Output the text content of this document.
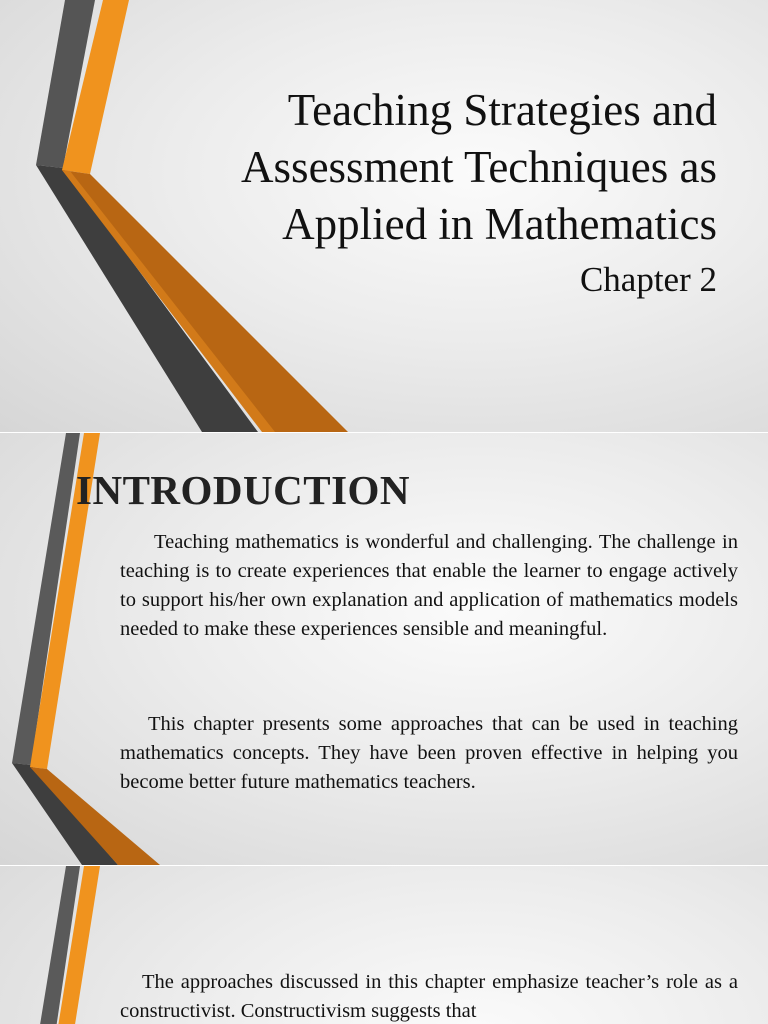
Teaching Strategies and
Assessment Techniques as
Applied in Mathematics

Chapter 2

INTRODUCTION

Teaching mathematics is wonderful and challenging. The challenge in teaching is to create experiences that enable the learner to engage actively to support his/her own explanation and application of mathematics models needed to make these experiences sensible and meaningful.

This chapter presents some approaches that can be used in teaching mathematics concepts. They have been proven effective in helping you become better future mathematics teachers.

The approaches discussed in this chapter emphasize teacher’s role as a constructivist. Constructivism suggests that
